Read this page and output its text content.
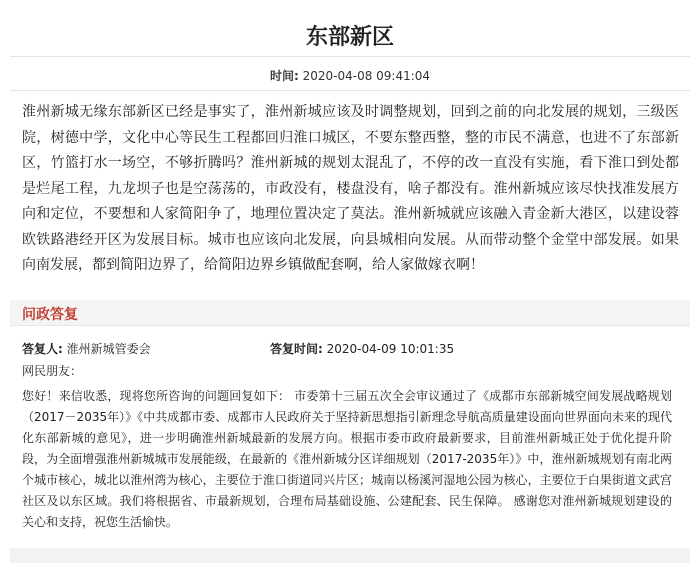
东部新区
时间: 2020-04-08 09:41:04
淮州新城无缘东部新区已经是事实了，淮州新城应该及时调整规划，回到之前的向北发展的规划，三级医院，树德中学，文化中心等民生工程都回归淮口城区，不要东整西整，整的市民不满意，也进不了东部新区，竹篮打水一场空，不够折腾吗？淮州新城的规划太混乱了，不停的改一直没有实施，看下淮口到处都是烂尾工程，九龙坝子也是空荡荡的，市政没有，楼盘没有，啥子都没有。淮州新城应该尽快找准发展方向和定位，不要想和人家简阳争了，地理位置决定了莫法。淮州新城就应该融入青金新大港区，以建设蓉欧铁路港经开区为发展目标。城市也应该向北发展，向县城相向发展。从而带动整个金堂中部发展。如果向南发展，都到简阳边界了，给简阳边界乡镇做配套啊，给人家做嫁衣啊！
问政答复
答复人: 淮州新城管委会	答复时间: 2020-04-09 10:01:35
网民朋友：
您好！来信收悉，现将您所咨询的问题回复如下： 市委第十三届五次全会审议通过了《成都市东部新城空间发展战略规划（2017－2035年）》《中共成都市委、成都市人民政府关于坚持新思想指引新理念导航高质量建设面向世界面向未来的现代化东部新城的意见》，进一步明确淮州新城最新的发展方向。根据市委市政府最新要求，目前淮州新城正处于优化提升阶段，为全面增强淮州新城城市发展能级，在最新的《淮州新城分区详细规划（2017-2035年）》中，淮州新城规划有南北两个城市核心，城北以淮州湾为核心，主要位于淮口街道同兴片区；城南以杨溪河湿地公园为核心，主要位于白果街道文武宫社区及以东区域。我们将根据省、市最新规划，合理布局基础设施、公建配套、民生保障。 感谢您对淮州新城规划建设的关心和支持，祝您生活愉快。
